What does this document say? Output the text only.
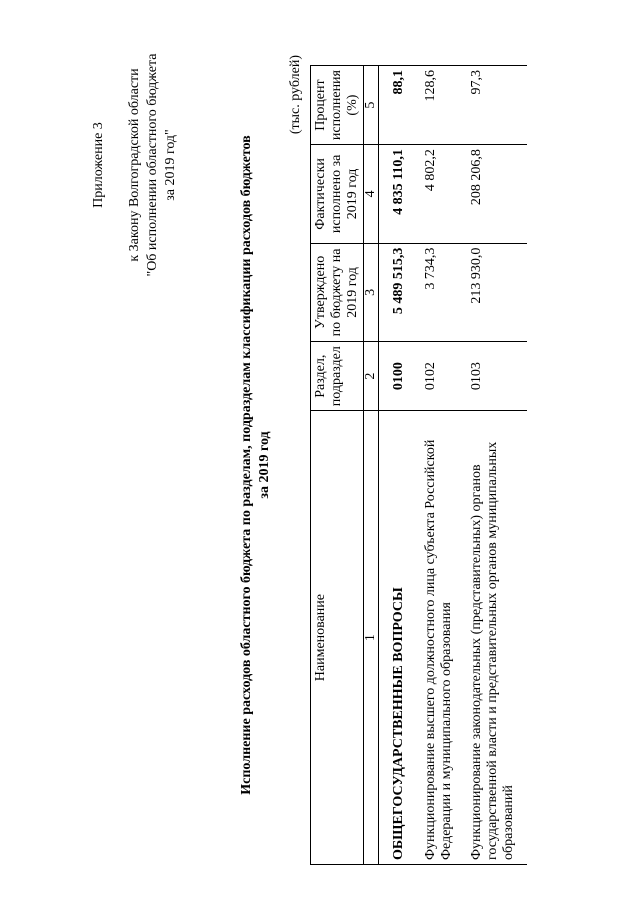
Приложение 3 к Закону Волгоградской области "Об исполнении областного бюджета за 2019 год"	Исполнение расходов областного бюджета по разделам, подразделам классификации расходов бюджетов за 2019 год
(тыс. рублей)
Наименование	Раздел, подраздел	Утверждено по бюджету на 2019 год	Фактически исполнено за 2019 год	Процент исполнения (%)
1	2	3	4	5
ОБЩЕГОСУДАРСТВЕННЫЕ ВОПРОСЫ	0100	5 489 515,3	4 835 110,1	88,1
Функционирование высшего должностного лица субъекта Российской Федерации и муниципального образования	0102	3 734,3	4 802,2	128,6
Функционирование законодательных (представительных) органов государственной власти и представительных органов муниципальных образований	0103	213 930,0	208 206,8	97,3
